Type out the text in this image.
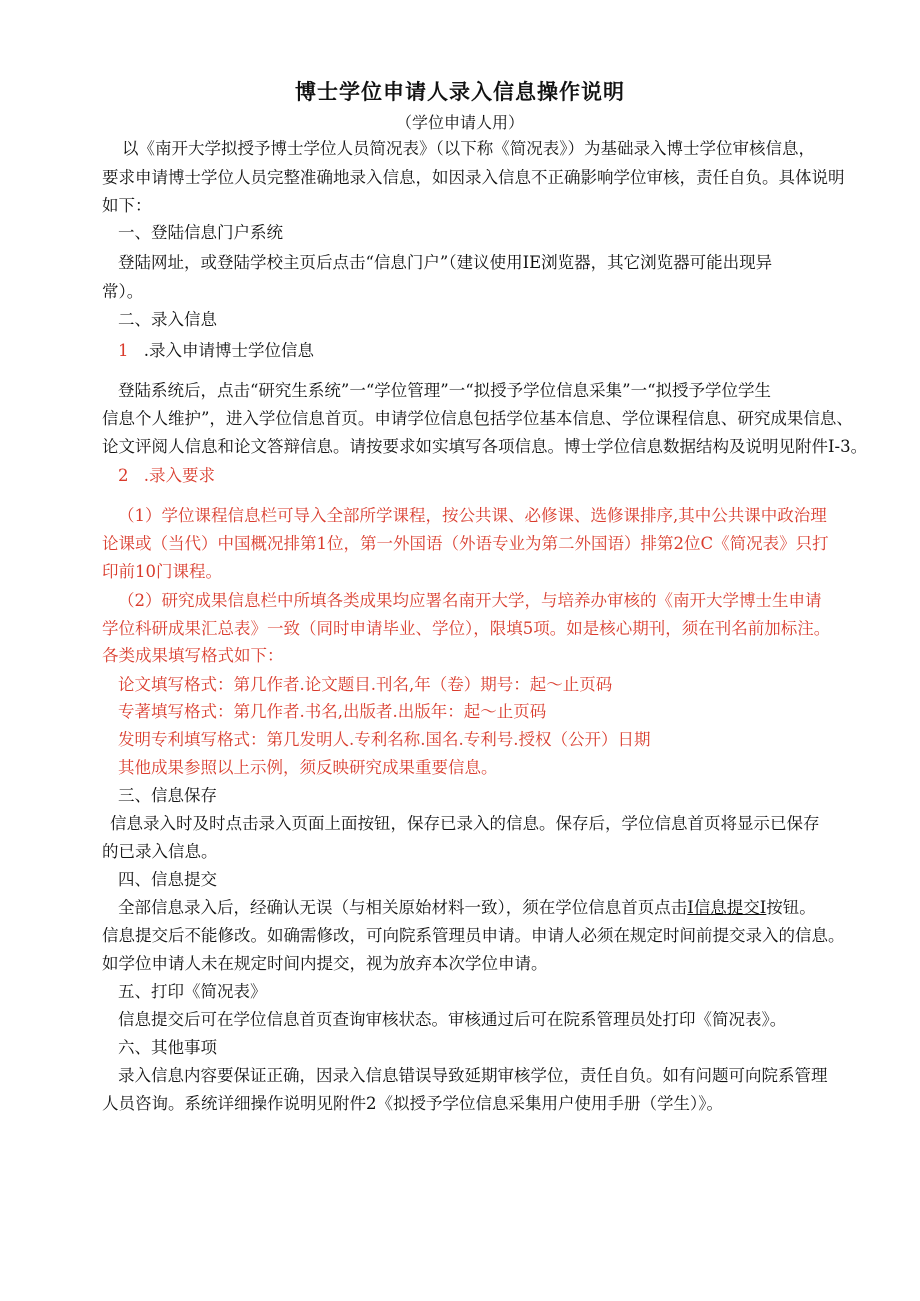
博士学位申请人录入信息操作说明
（学位申请人用）
以《南开大学拟授予博士学位人员简况表》（以下称《简况表》）为基础录入博士学位审核信息，
要求申请博士学位人员完整准确地录入信息，如因录入信息不正确影响学位审核，责任自负。具体说明
如下：
一、登陆信息门户系统
登陆网址，或登陆学校主页后点击“信息门户”（建议使用IE浏览器，其它浏览器可能出现异
常）。
二、录入信息
1 .录入申请博士学位信息
登陆系统后，点击“研究生系统”一“学位管理”一“拟授予学位信息采集”一“拟授予学位学生
信息个人维护”，进入学位信息首页。申请学位信息包括学位基本信息、学位课程信息、研究成果信息、
论文评阅人信息和论文答辩信息。请按要求如实填写各项信息。博士学位信息数据结构及说明见附件I-3。
2 .录入要求
（1）学位课程信息栏可导入全部所学课程，按公共课、必修课、选修课排序,其中公共课中政治理
论课或（当代）中国概况排第1位，第一外国语（外语专业为第二外国语）排第2位C《简况表》只打
印前10门课程。
（2）研究成果信息栏中所填各类成果均应署名南开大学，与培养办审核的《南开大学博士生申请
学位科研成果汇总表》一致（同时申请毕业、学位），限填5项。如是核心期刊，须在刊名前加标注。
各类成果填写格式如下：
论文填写格式：第几作者.论文题目.刊名,年（卷）期号：起～止页码
专著填写格式：第几作者.书名,出版者.出版年：起～止页码
发明专利填写格式：第几发明人.专利名称.国名.专利号.授权（公开）日期
其他成果参照以上示例，须反映研究成果重要信息。
三、信息保存
信息录入时及时点击录入页面上面按钮，保存已录入的信息。保存后，学位信息首页将显示已保存
的已录入信息。
四、信息提交
全部信息录入后，经确认无误（与相关原始材料一致），须在学位信息首页点击I信息提交I按钮。
信息提交后不能修改。如确需修改，可向院系管理员申请。申请人必须在规定时间前提交录入的信息。
如学位申请人未在规定时间内提交，视为放弃本次学位申请。
五、打印《简况表》
信息提交后可在学位信息首页查询审核状态。审核通过后可在院系管理员处打印《简况表》。
六、其他事项
录入信息内容要保证正确，因录入信息错误导致延期审核学位，责任自负。如有问题可向院系管理
人员咨询。系统详细操作说明见附件2《拟授予学位信息采集用户使用手册（学生）》。
